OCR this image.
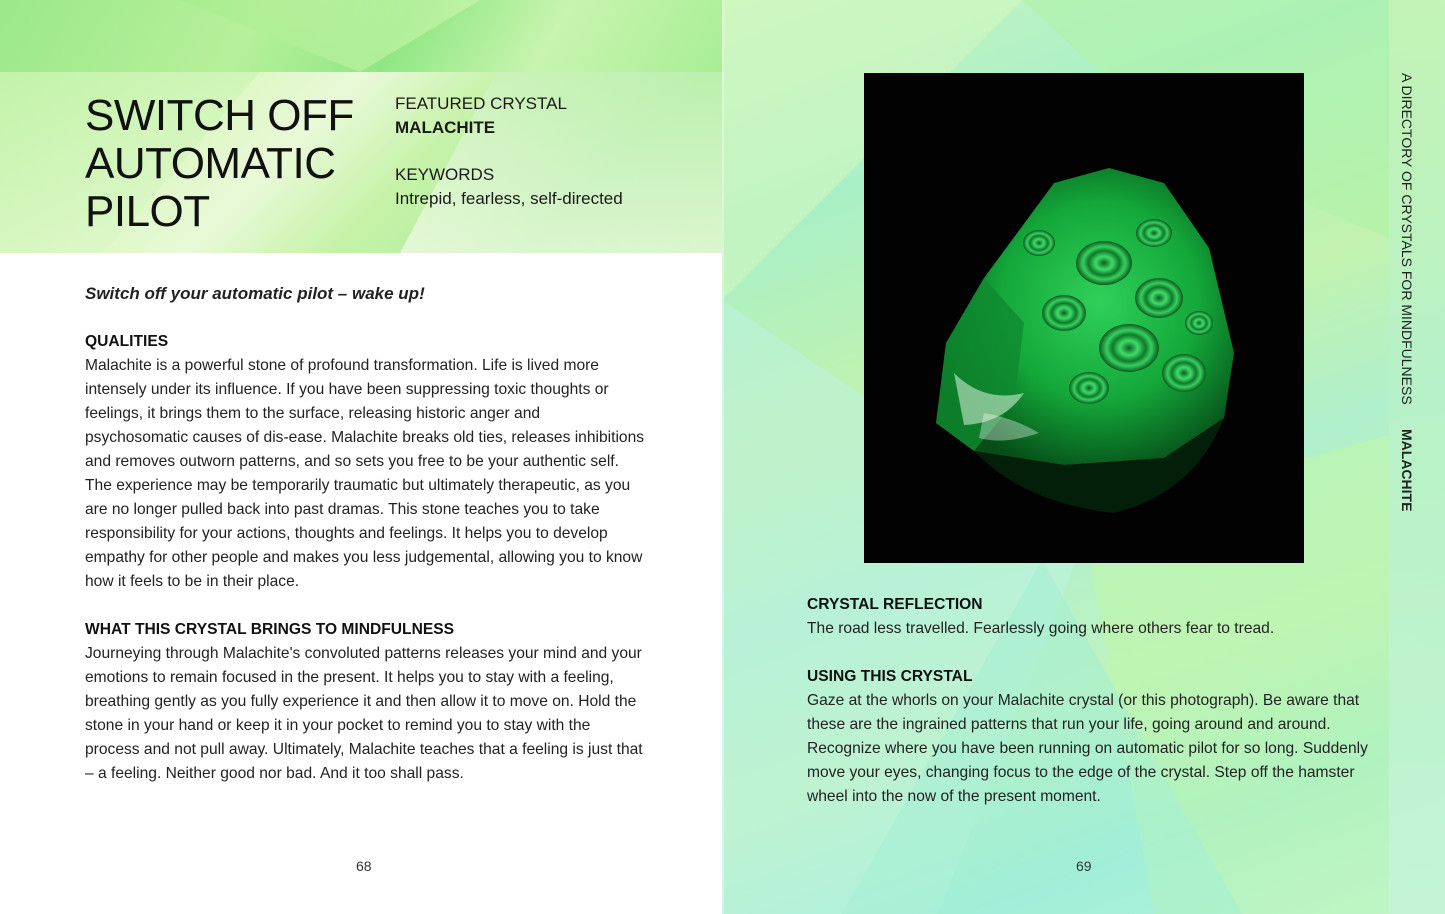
SWITCH OFF
AUTOMATIC
PILOT
FEATURED CRYSTAL
MALACHITE
KEYWORDS
Intrepid, fearless, self-directed

Switch off your automatic pilot – wake up!

QUALITIES

Malachite is a powerful stone of profound transformation. Life is lived more intensely under its influence. If you have been suppressing toxic thoughts or feelings, it brings them to the surface, releasing historic anger and psychosomatic causes of dis-ease. Malachite breaks old ties, releases inhibitions and removes outworn patterns, and so sets you free to be your authentic self. The experience may be temporarily traumatic but ultimately therapeutic, as you are no longer pulled back into past dramas. This stone teaches you to take responsibility for your actions, thoughts and feelings. It helps you to develop empathy for other people and makes you less judgemental, allowing you to know how it feels to be in their place.

WHAT THIS CRYSTAL BRINGS TO MINDFULNESS

Journeying through Malachite's convoluted patterns releases your mind and your emotions to remain focused in the present. It helps you to stay with a feeling, breathing gently as you fully experience it and then allow it to move on. Hold the stone in your hand or keep it in your pocket to remind you to stay with the process and not pull away. Ultimately, Malachite teaches that a feeling is just that – a feeling. Neither good nor bad. And it too shall pass.

68

CRYSTAL REFLECTION

The road less travelled. Fearlessly going where others fear to tread.

USING THIS CRYSTAL

Gaze at the whorls on your Malachite crystal (or this photograph). Be aware that these are the ingrained patterns that run your life, going around and around. Recognize where you have been running on automatic pilot for so long. Suddenly move your eyes, changing focus to the edge of the crystal. Step off the hamster wheel into the now of the present moment.

69
A DIRECTORY OF CRYSTALS FOR MINDFULNESS MALACHITE
